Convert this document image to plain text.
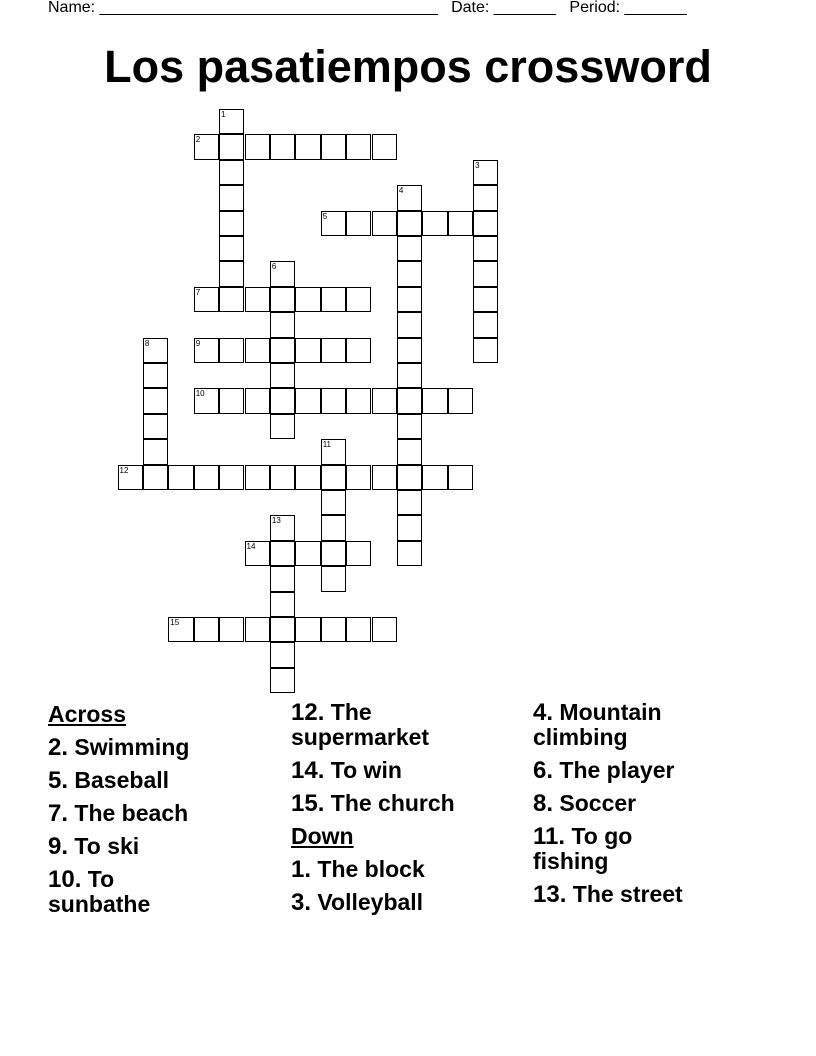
Name: ______________________________________ Date: _______ Period: _______
Los pasatiempos crossword
1
2
3
4
5
6
7
8	9
10
11
12
13
14
15
Across
2. Swimming
5. Baseball
7. The beach
9. To ski
10. To sunbathe
12. The supermarket
14. To win
15. The church
Down
1. The block
3. Volleyball
4. Mountain climbing
6. The player
8. Soccer
11. To go fishing
13. The street
